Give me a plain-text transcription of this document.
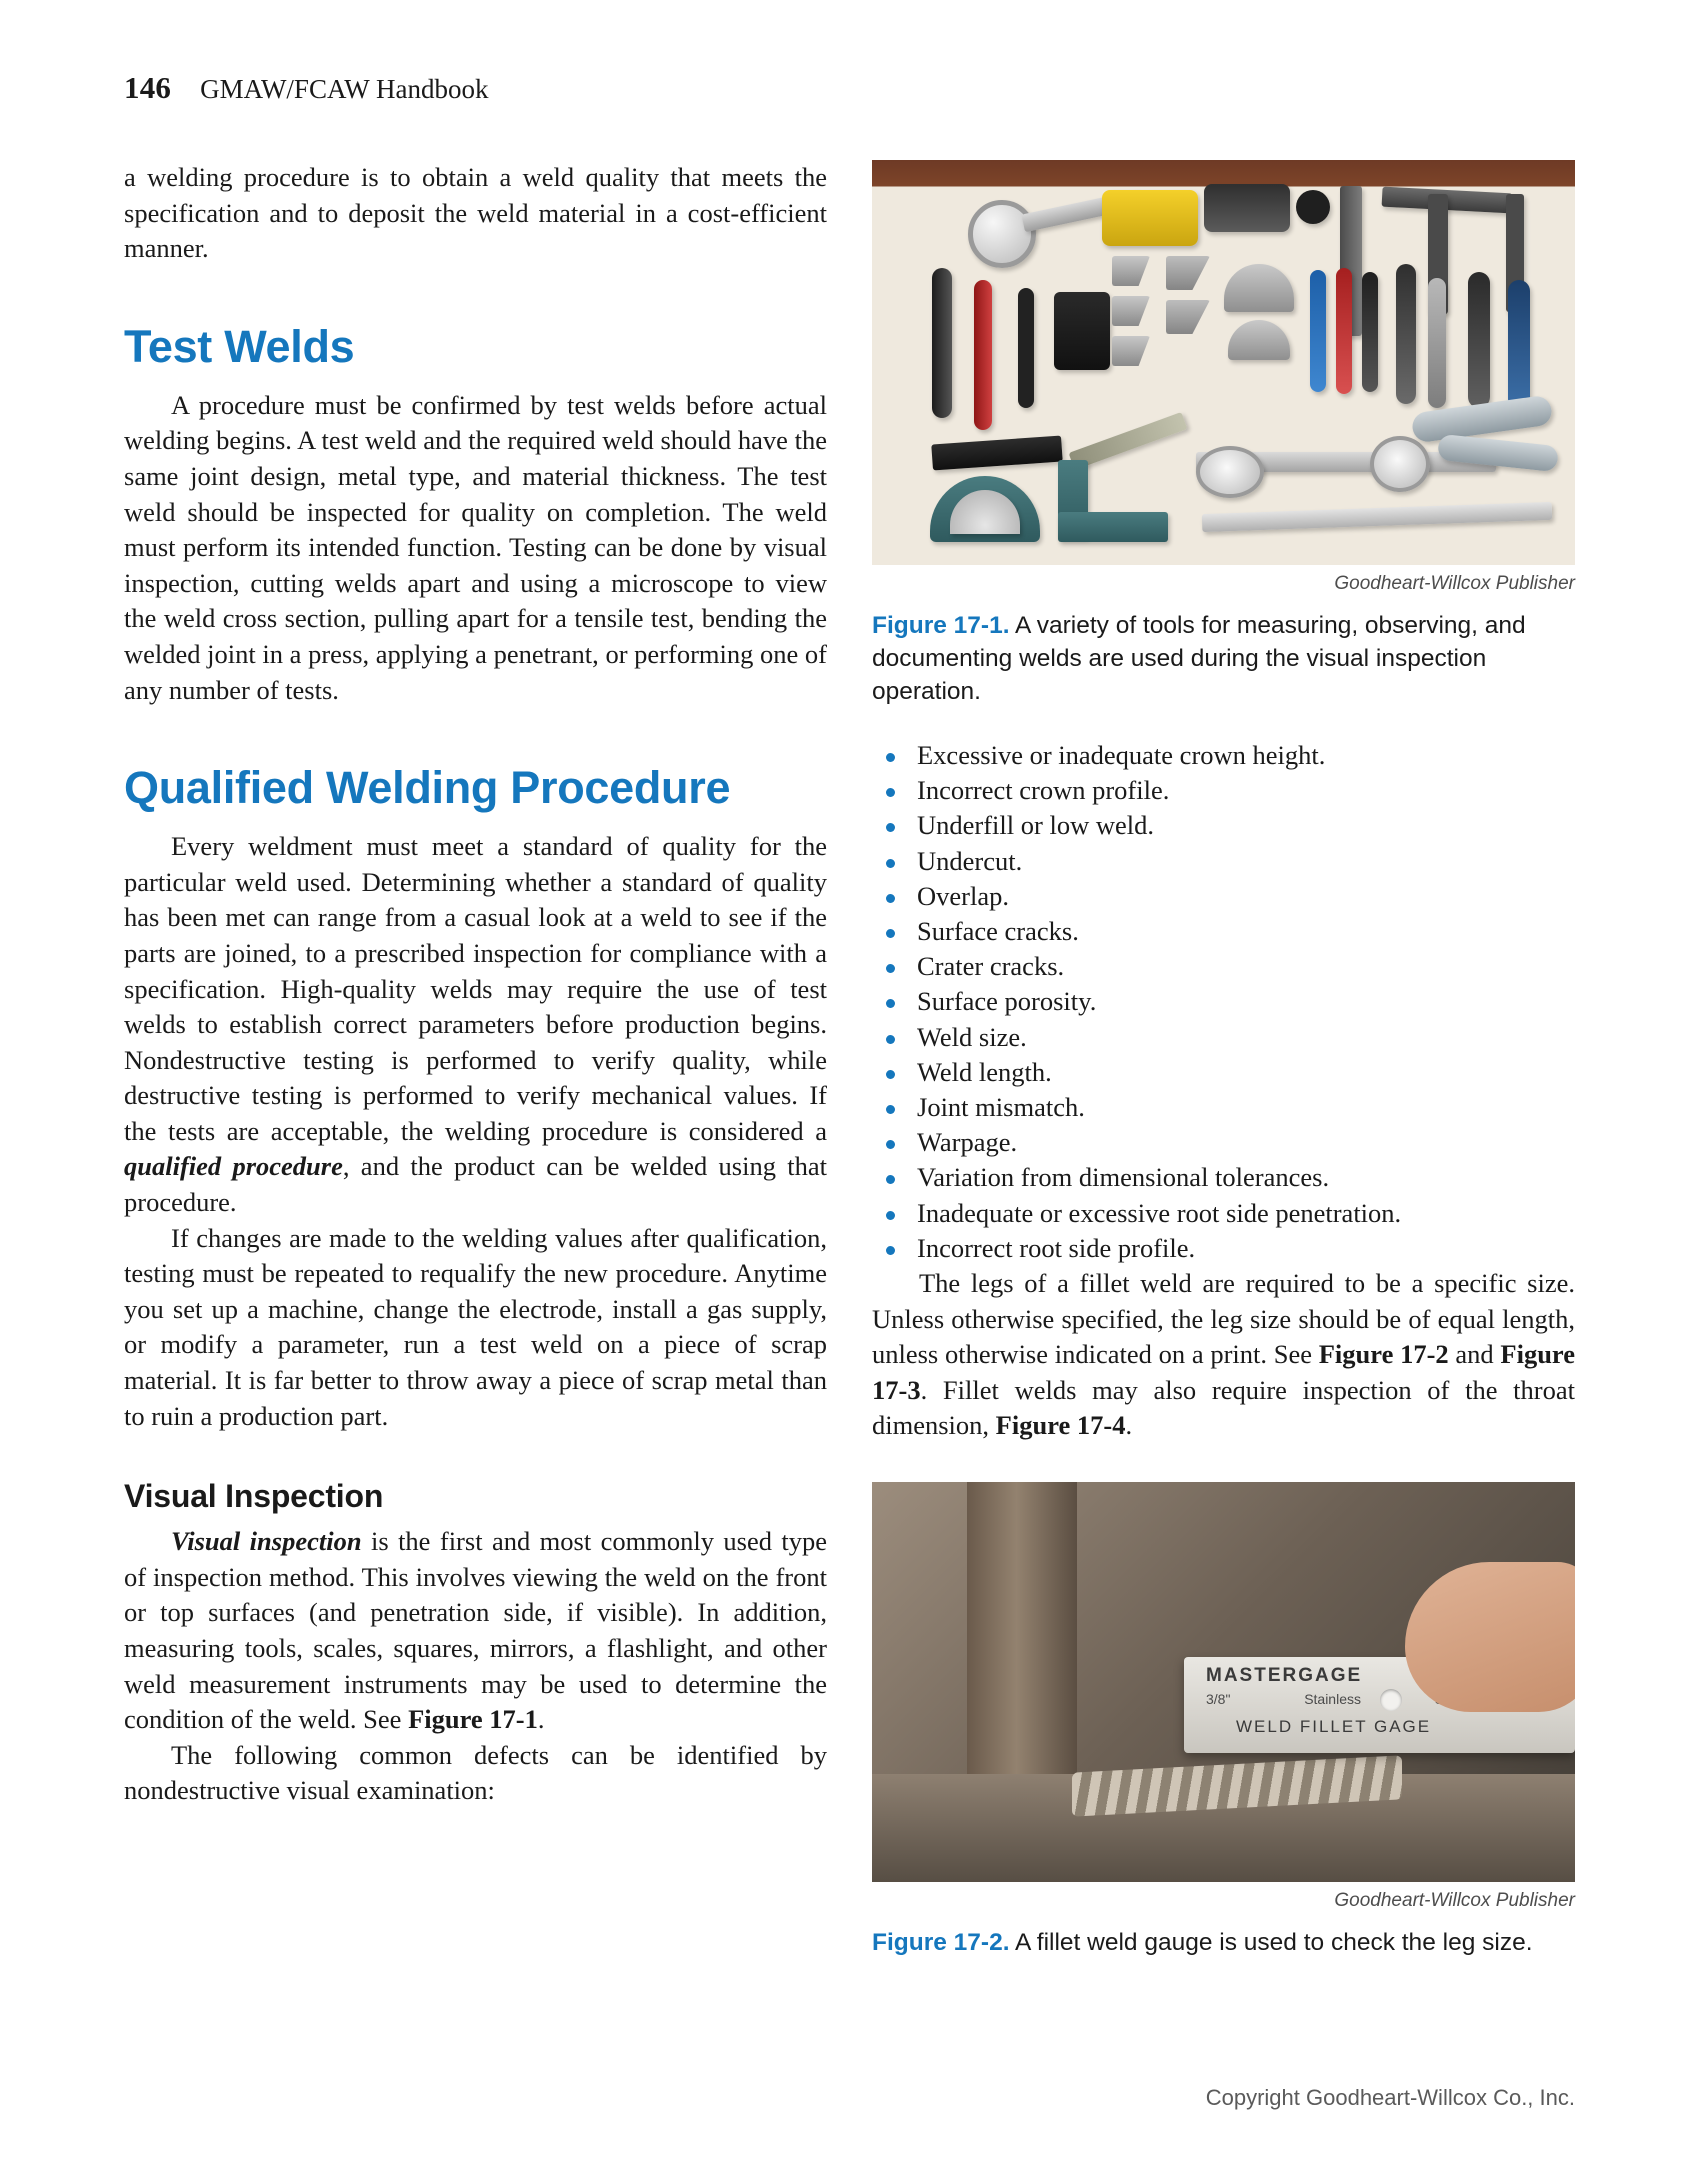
146 GMAW/FCAW Handbook

a welding procedure is to obtain a weld quality that meets the specification and to deposit the weld material in a cost-efficient manner.

Test Welds

A procedure must be confirmed by test welds before actual welding begins. A test weld and the required weld should have the same joint design, metal type, and material thickness. The test weld should be inspected for quality on completion. The weld must perform its intended function. Testing can be done by visual inspection, cutting welds apart and using a microscope to view the weld cross section, pulling apart for a tensile test, bending the welded joint in a press, applying a penetrant, or performing one of any number of tests.

Qualified Welding Procedure

Every weldment must meet a standard of quality for the particular weld used. Determining whether a standard of quality has been met can range from a casual look at a weld to see if the parts are joined, to a prescribed inspection for compliance with a specification. High-quality welds may require the use of test welds to establish correct parameters before production begins. Nondestructive testing is performed to verify quality, while destructive testing is performed to verify mechanical values. If the tests are acceptable, the welding procedure is considered a qualified procedure, and the product can be welded using that procedure.

If changes are made to the welding values after qualification, testing must be repeated to requalify the new procedure. Anytime you set up a machine, change the electrode, install a gas supply, or modify a parameter, run a test weld on a piece of scrap material. It is far better to throw away a piece of scrap metal than to ruin a production part.

Visual Inspection

Visual inspection is the first and most commonly used type of inspection method. This involves viewing the weld on the front or top surfaces (and penetration side, if visible). In addition, measuring tools, scales, squares, mirrors, a flashlight, and other weld measurement instruments may be used to determine the condition of the weld. See Figure 17-1.

The following common defects can be identified by nondestructive visual examination:

Goodheart-Willcox Publisher
Figure 17-1. A variety of tools for measuring, observing, and documenting welds are used during the visual inspection operation.
Excessive or inadequate crown height.
Incorrect crown profile.
Underfill or low weld.
Undercut.
Overlap.
Surface cracks.
Crater cracks.
Surface porosity.
Weld size.
Weld length.
Joint mismatch.
Warpage.
Variation from dimensional tolerances.
Inadequate or excessive root side penetration.
Incorrect root side profile.

The legs of a fillet weld are required to be a specific size. Unless otherwise specified, the leg size should be of equal length, unless otherwise indicated on a print. See Figure 17-2 and Figure 17-3. Fillet welds may also require inspection of the throat dimension, Figure 17-4.

MASTERGAGE
3/8"	Stainless
WELD FILLET GAGE
Goodheart-Willcox Publisher
Figure 17-2. A fillet weld gauge is used to check the leg size.
Copyright Goodheart-Willcox Co., Inc.
